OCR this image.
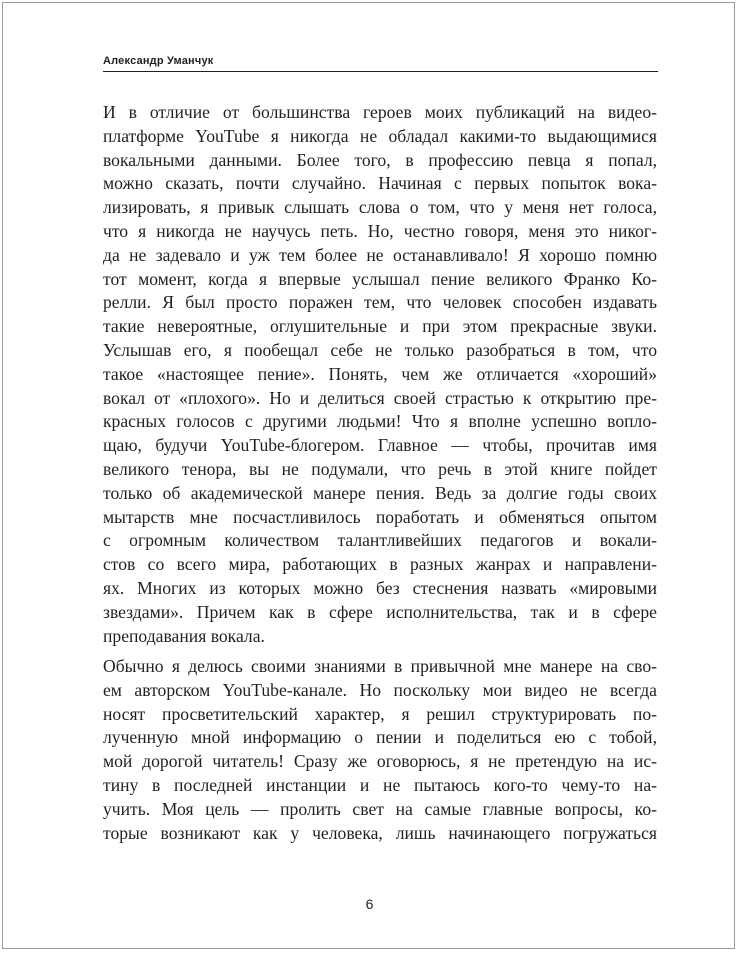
Александр Уманчук
И в отличие от большинства героев моих публикаций на видео-
платформе YouTube я никогда не обладал какими-то выдающимися
вокальными данными. Более того, в профессию певца я попал,
можно сказать, почти случайно. Начиная с первых попыток вока-
лизировать, я привык слышать слова о том, что у меня нет голоса,
что я никогда не научусь петь. Но, честно говоря, меня это никог-
да не задевало и уж тем более не останавливало! Я хорошо помню
тот момент, когда я впервые услышал пение великого Франко Ко-
релли. Я был просто поражен тем, что человек способен издавать
такие невероятные, оглушительные и при этом прекрасные звуки.
Услышав его, я пообещал себе не только разобраться в том, что
такое «настоящее пение». Понять, чем же отличается «хороший»
вокал от «плохого». Но и делиться своей страстью к открытию пре-
красных голосов с другими людьми! Что я вполне успешно вопло-
щаю, будучи YouTube-блогером. Главное — чтобы, прочитав имя
великого тенора, вы не подумали, что речь в этой книге пойдет
только об академической манере пения. Ведь за долгие годы своих
мытарств мне посчастливилось поработать и обменяться опытом
с огромным количеством талантливейших педагогов и вокали-
стов со всего мира, работающих в разных жанрах и направлени-
ях. Многих из которых можно без стеснения назвать «мировыми
звездами». Причем как в сфере исполнительства, так и в сфере
преподавания вокала.
Обычно я делюсь своими знаниями в привычной мне манере на сво-
ем авторском YouTube-канале. Но поскольку мои видео не всегда
носят просветительский характер, я решил структурировать по-
лученную мной информацию о пении и поделиться ею с тобой,
мой дорогой читатель! Сразу же оговорюсь, я не претендую на ис-
тину в последней инстанции и не пытаюсь кого-то чему-то на-
учить. Моя цель — пролить свет на самые главные вопросы, ко-
торые возникают как у человека, лишь начинающего погружаться
6
